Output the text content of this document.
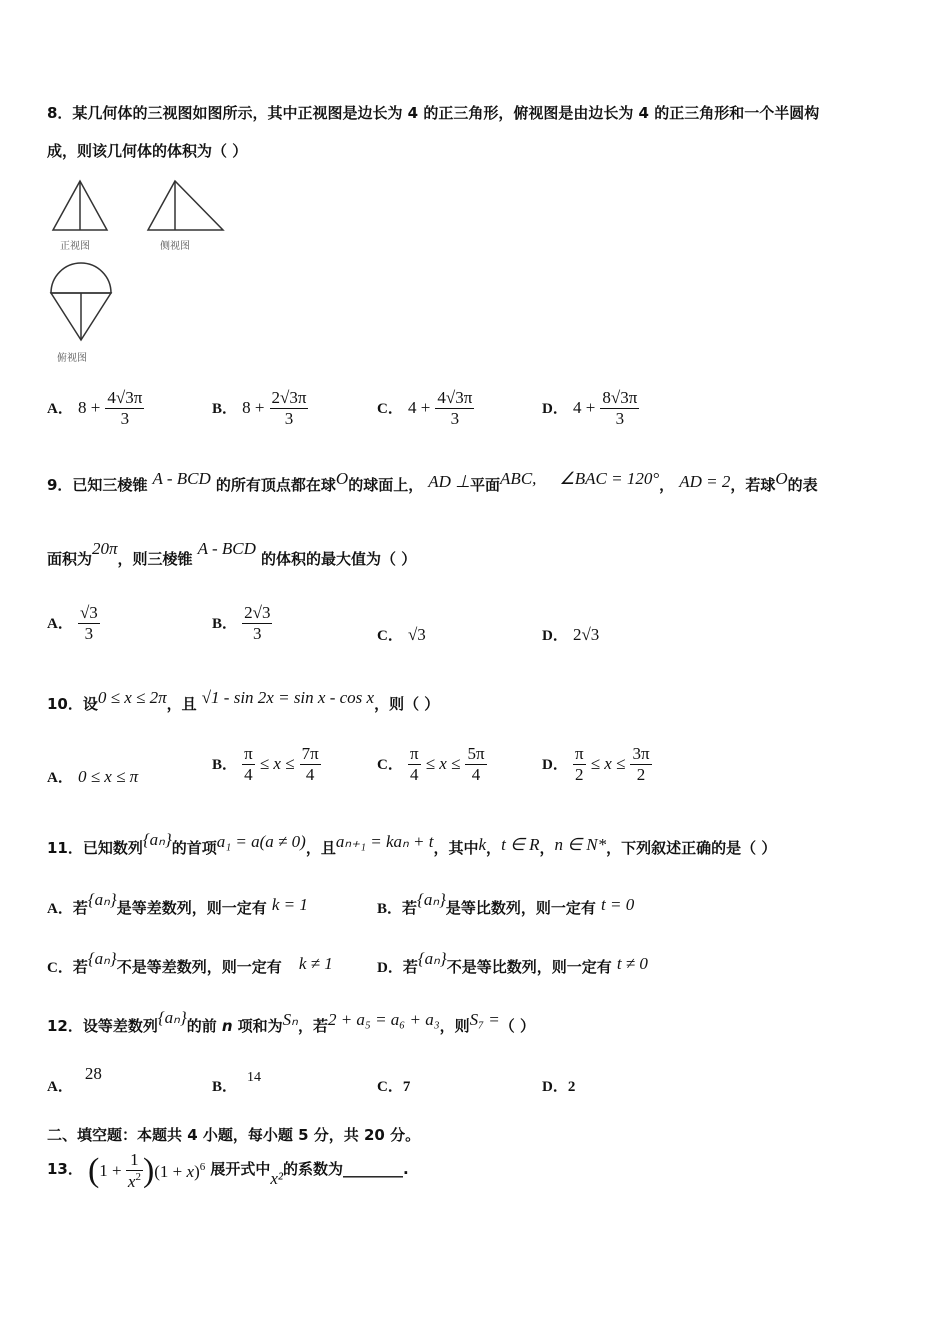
8．某几何体的三视图如图所示，其中正视图是边长为 4 的正三角形，俯视图是由边长为 4 的正三角形和一个半圆构
成，则该几何体的体积为（ ）
正视图	侧视图
俯视图
A． $8 + \frac{4√3\pi}{3}$	B． $8 + \frac{2√3\pi}{3}$	C． $4 + \frac{4√3\pi}{3}$	D． $4 + \frac{8√3\pi}{3}$
9．已知三棱锥 A - BCD 的所有顶点都在球O的球面上， AD ⊥平面ABC, ∠BAC = 120°， AD = 2，若球O的表
面积为20π，则三棱锥 A - BCD 的体积的最大值为（ ）
A． $\frac{√3}{3}$	B． $\frac{2√3}{3}$	C． √3	D． 2√3
10．设0 ≤ x ≤ 2π，且 √1 - sin 2x = sin x - cos x，则（ ）
A． 0 ≤ x ≤ π
B． $\frac{\pi}{4} \le x \le \frac{7\pi}{4}$	C． $\frac{\pi}{4} \le x \le \frac{5\pi}{4}$	D． $\frac{\pi}{2} \le x \le \frac{3\pi}{2}$
11．已知数列{aₙ}的首项a₁ = a(a ≠ 0)，且aₙ₊₁ = kaₙ + t，其中k，t ∈ R，n ∈ N*，下列叙述正确的是（ ）
A．若{aₙ}是等差数列，则一定有 k = 1	B．若{aₙ}是等比数列，则一定有 t = 0
C．若{aₙ}不是等差数列，则一定有 k ≠ 1	D．若{aₙ}不是等比数列，则一定有 t ≠ 0
12．设等差数列{aₙ}的前 n 项和为Sₙ，若2 + a₅ = a₆ + a₃，则S₇ =（ ）
A．28
B．14
C．7	D．2
二、填空题：本题共 4 小题，每小题 5 分，共 20 分。
13． $(1 + \frac{1}{x^2} )(1 + x)^6$ 展开式中x²的系数为________.
